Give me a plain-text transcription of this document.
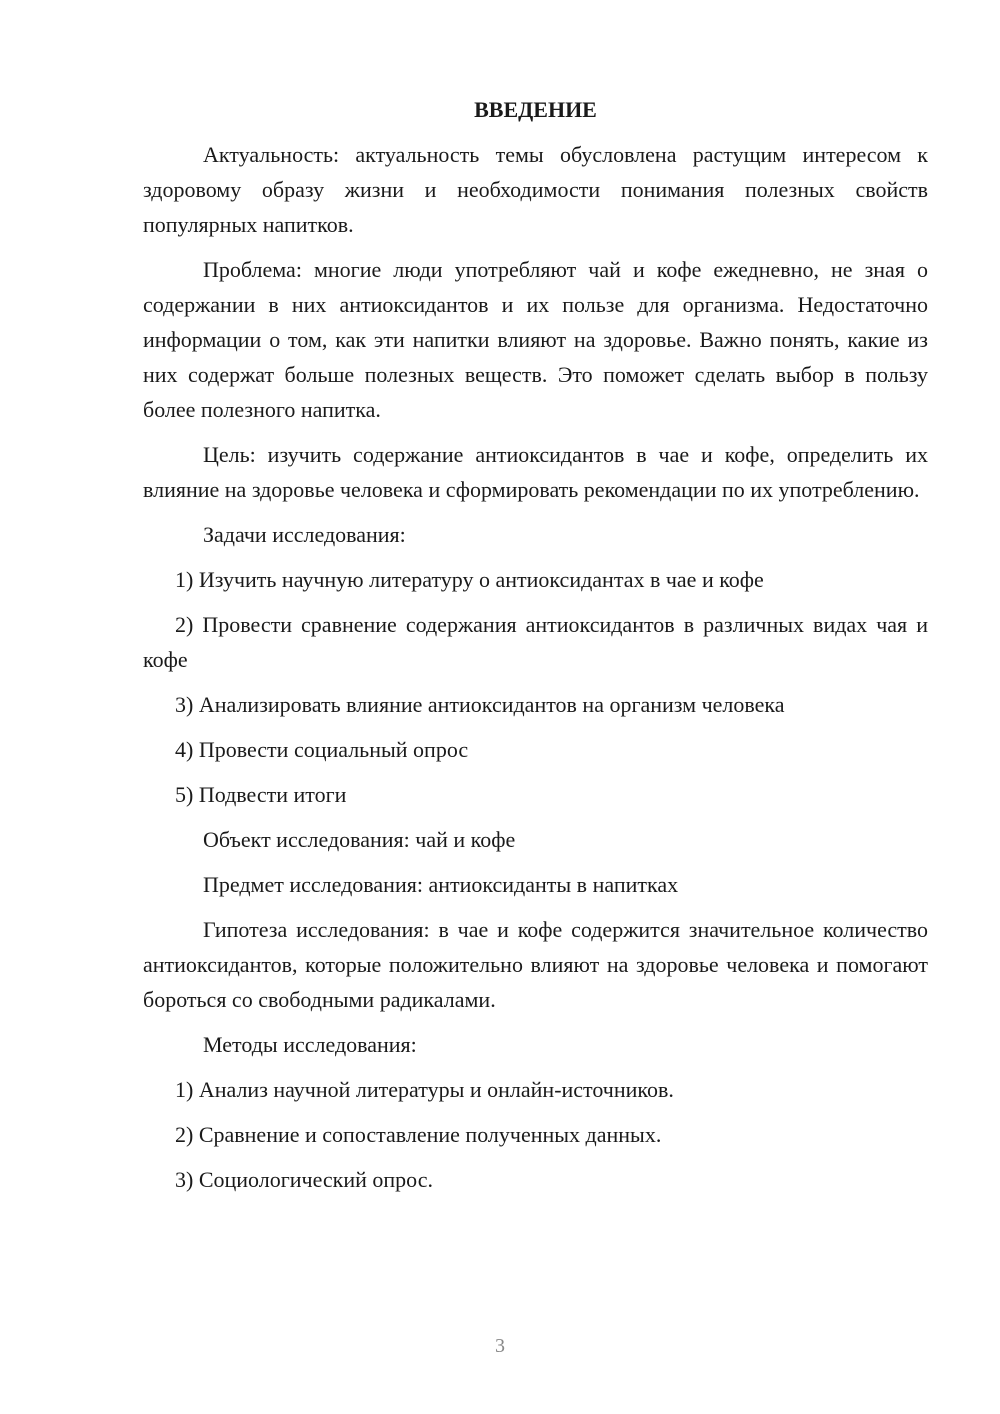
ВВЕДЕНИЕ

Актуальность: актуальность темы обусловлена растущим интересом к здоровому образу жизни и необходимости понимания полезных свойств популярных напитков.

Проблема: многие люди употребляют чай и кофе ежедневно, не зная о содержании в них антиоксидантов и их пользе для организма. Недостаточно информации о том, как эти напитки влияют на здоровье. Важно понять, какие из них содержат больше полезных веществ. Это поможет сделать выбор в пользу более полезного напитка.

Цель: изучить содержание антиоксидантов в чае и кофе, определить их влияние на здоровье человека и сформировать рекомендации по их употреблению.

Задачи исследования:

1) Изучить научную литературу о антиоксидантах в чае и кофе

2) Провести сравнение содержания антиоксидантов в различных видах чая и кофе

3) Анализировать влияние антиоксидантов на организм человека

4) Провести социальный опрос

5) Подвести итоги

Объект исследования: чай и кофе

Предмет исследования: антиоксиданты в напитках

Гипотеза исследования: в чае и кофе содержится значительное количество антиоксидантов, которые положительно влияют на здоровье человека и помогают бороться со свободными радикалами.

Методы исследования:

1) Анализ научной литературы и онлайн-источников.

2) Сравнение и сопоставление полученных данных.

3) Социологический опрос.

3
